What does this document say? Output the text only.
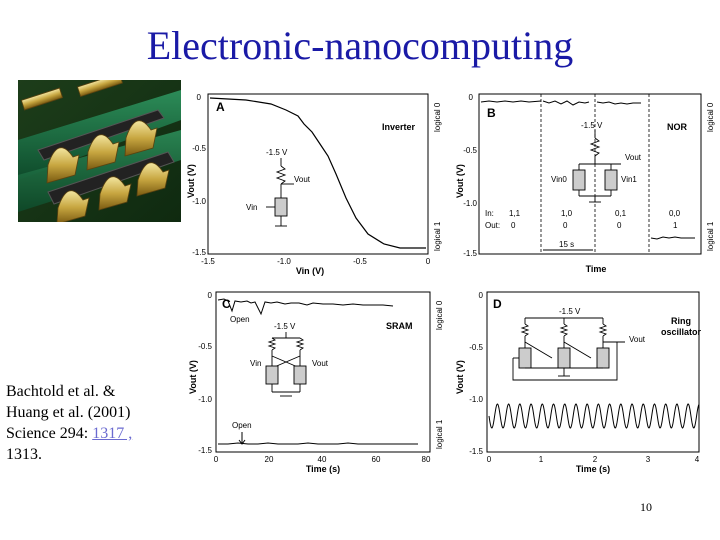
Electronic-nanocomputing
A
Inverter
Vout (V)
logical 0
logical 1
0
-0.5
-1.0
-1.5
-1.5	-1.0	-0.5	0
Vin (V)
-1.5 V
Vout
Vin
B
NOR
Vout (V)
logical 0
logical 1
0
-0.5
-1.0
-1.5
Time
-1.5 V
Vout
Vin0	Vin1
In:
Out:
1,1	1,0	0,1	0,0
0	0	0	1
15 s
C
SRAM
Vout (V)
logical 0
logical 1
0
-0.5
-1.0
-1.5
0	20	40	60	80
Time (s)
-1.5 V
Vin	Vout
Open
Open
D
Ring
oscillator
Vout (V)
0
-0.5
-1.0
-1.5
0	1	2	3	4
Time (s)
-1.5 V
Vout
Bachtold et al. &
Huang et al. (2001)
Science 294: 1317 ,
1313.
10
